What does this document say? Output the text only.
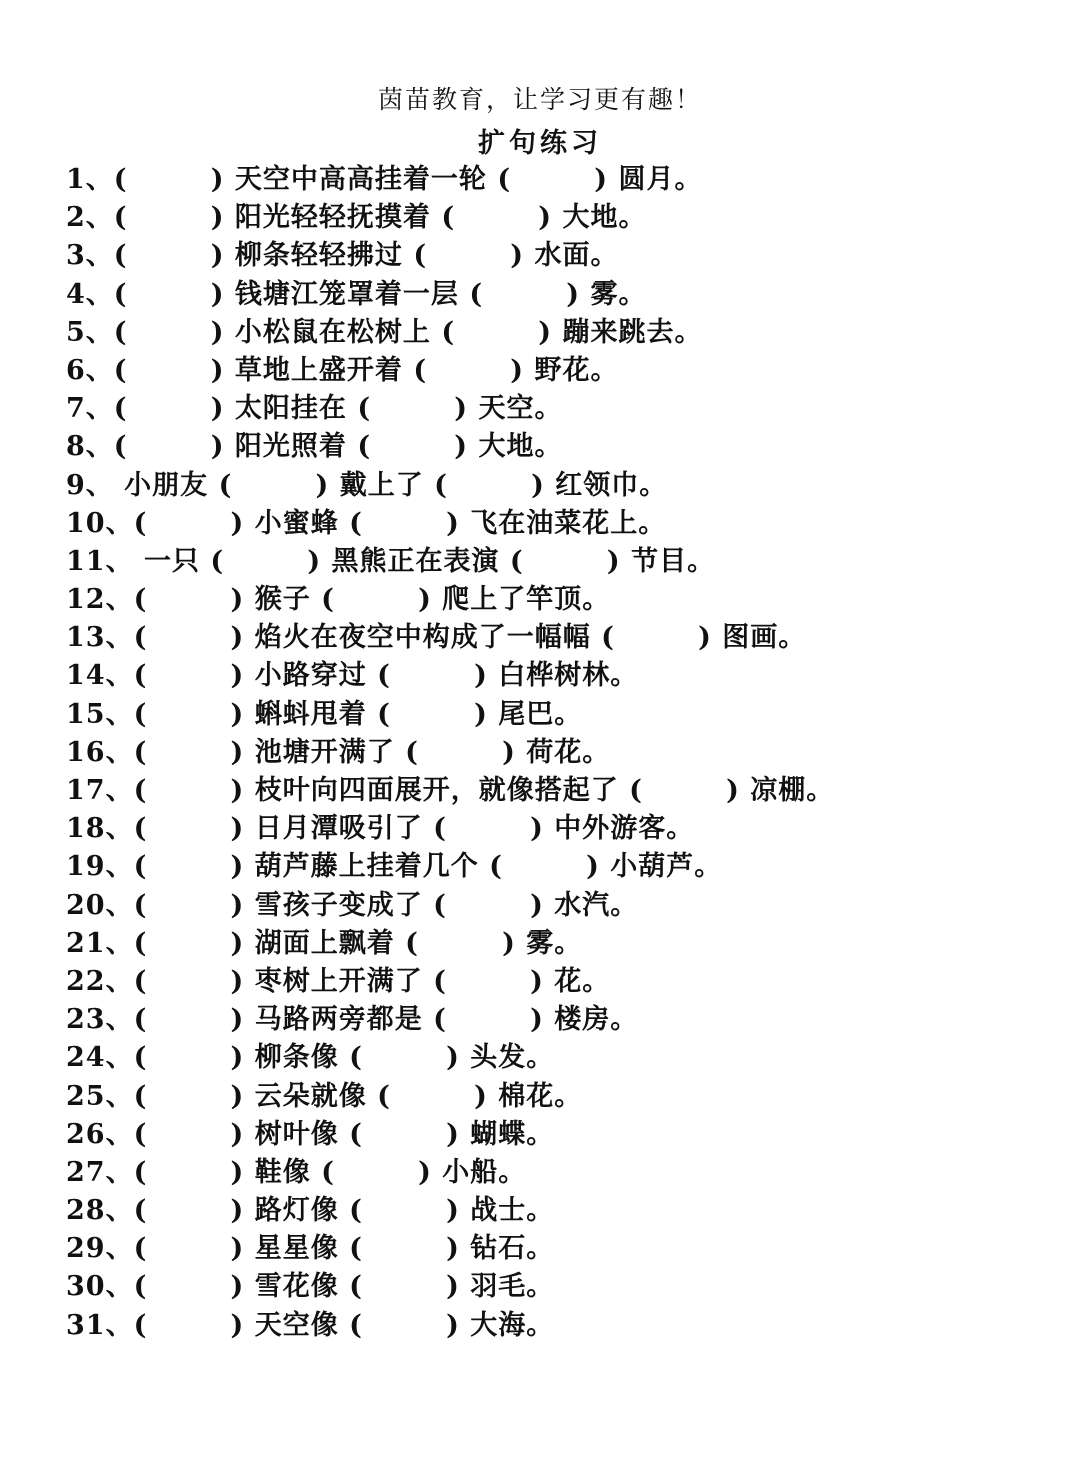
茵苗教育，让学习更有趣！
扩句练习
1、(        ) 天空中高高挂着一轮 (        ) 圆月。
2、(        ) 阳光轻轻抚摸着 (        ) 大地。
3、(        ) 柳条轻轻拂过 (        ) 水面。
4、(        ) 钱塘江笼罩着一层 (        ) 雾。
5、(        ) 小松鼠在松树上 (        ) 蹦来跳去。
6、(        ) 草地上盛开着 (        ) 野花。
7、(        ) 太阳挂在 (        ) 天空。
8、(        ) 阳光照着 (        ) 大地。
9、 小朋友 (        ) 戴上了 (        ) 红领巾。
10、(        ) 小蜜蜂 (        ) 飞在油菜花上。
11、 一只 (        ) 黑熊正在表演 (        ) 节目。
12、(        ) 猴子 (        ) 爬上了竿顶。
13、(        ) 焰火在夜空中构成了一幅幅 (        ) 图画。
14、(        ) 小路穿过 (        ) 白桦树林。
15、(        ) 蝌蚪甩着 (        ) 尾巴。
16、(        ) 池塘开满了 (        ) 荷花。
17、(        ) 枝叶向四面展开，就像搭起了 (        ) 凉棚。
18、(        ) 日月潭吸引了 (        ) 中外游客。
19、(        ) 葫芦藤上挂着几个 (        ) 小葫芦。
20、(        ) 雪孩子变成了 (        ) 水汽。
21、(        ) 湖面上飘着 (        ) 雾。
22、(        ) 枣树上开满了 (        ) 花。
23、(        ) 马路两旁都是 (        ) 楼房。
24、(        ) 柳条像 (        ) 头发。
25、(        ) 云朵就像 (        ) 棉花。
26、(        ) 树叶像 (        ) 蝴蝶。
27、(        ) 鞋像 (        ) 小船。
28、(        ) 路灯像 (        ) 战士。
29、(        ) 星星像 (        ) 钻石。
30、(        ) 雪花像 (        ) 羽毛。
31、(        ) 天空像 (        ) 大海。
